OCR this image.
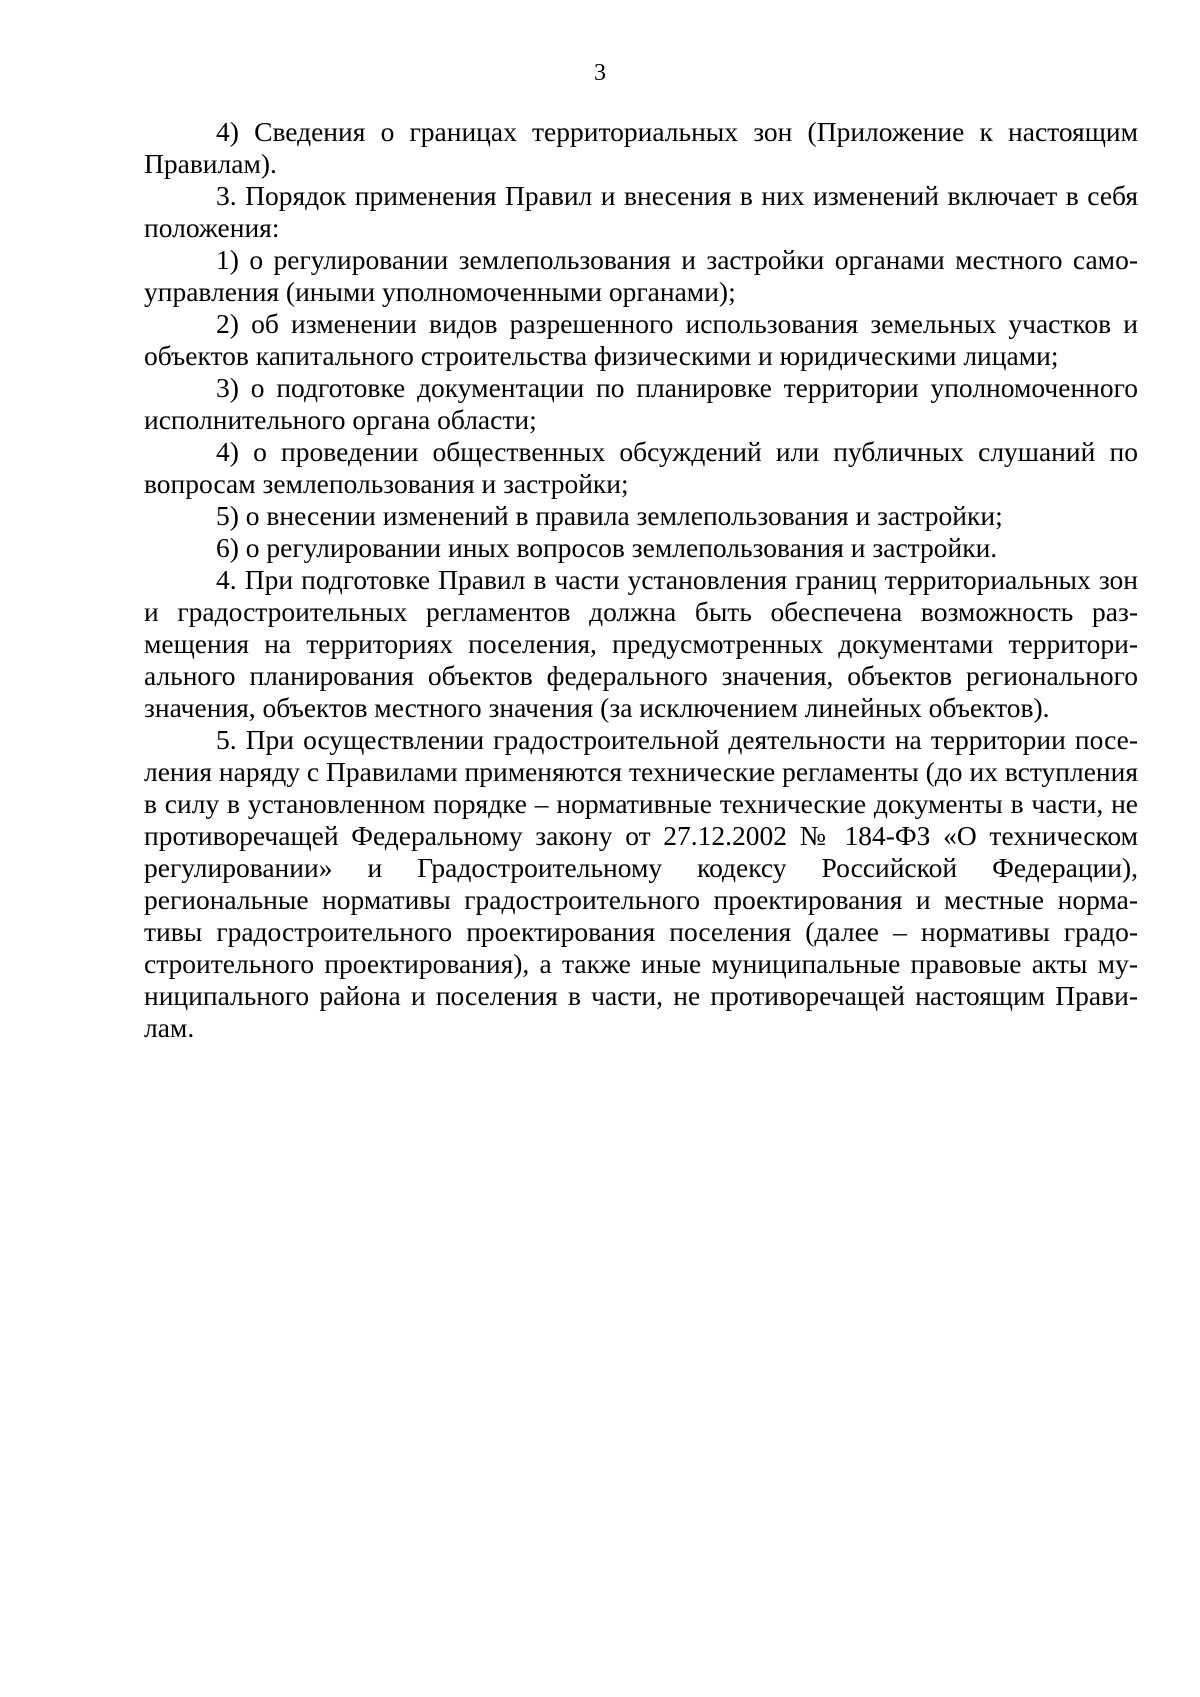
3

4) Сведения о границах территориальных зон (Приложение к настоящим Правилам).

3. Порядок применения Правил и внесения в них изменений включает в себя положения:

1) о регулировании землепользования и застройки органами местного самоуправления (иными уполномоченными органами);

2) об изменении видов разрешенного использования земельных участков и объектов капитального строительства физическими и юридическими лицами;

3) о подготовке документации по планировке территории уполномоченного исполнительного органа области;

4) о проведении общественных обсуждений или публичных слушаний по вопросам землепользования и застройки;

5) о внесении изменений в правила землепользования и застройки;

6) о регулировании иных вопросов землепользования и застройки.

4. При подготовке Правил в части установления границ территориальных зон и градостроительных регламентов должна быть обеспечена возможность размещения на территориях поселения, предусмотренных документами территориального планирования объектов федерального значения, объектов регионального значения, объектов местного значения (за исключением линейных объектов).

5. При осуществлении градостроительной деятельности на территории поселения наряду с Правилами применяются технические регламенты (до их вступления в силу в установленном порядке – нормативные технические документы в части, не противоречащей Федеральному закону от 27.12.2002 № 184-ФЗ «О техническом регулировании» и Градостроительному кодексу Российской Федерации), региональные нормативы градостроительного проектирования и местные нормативы градостроительного проектирования поселения (далее – нормативы градостроительного проектирования), а также иные муниципальные правовые акты муниципального района и поселения в части, не противоречащей настоящим Правилам.
